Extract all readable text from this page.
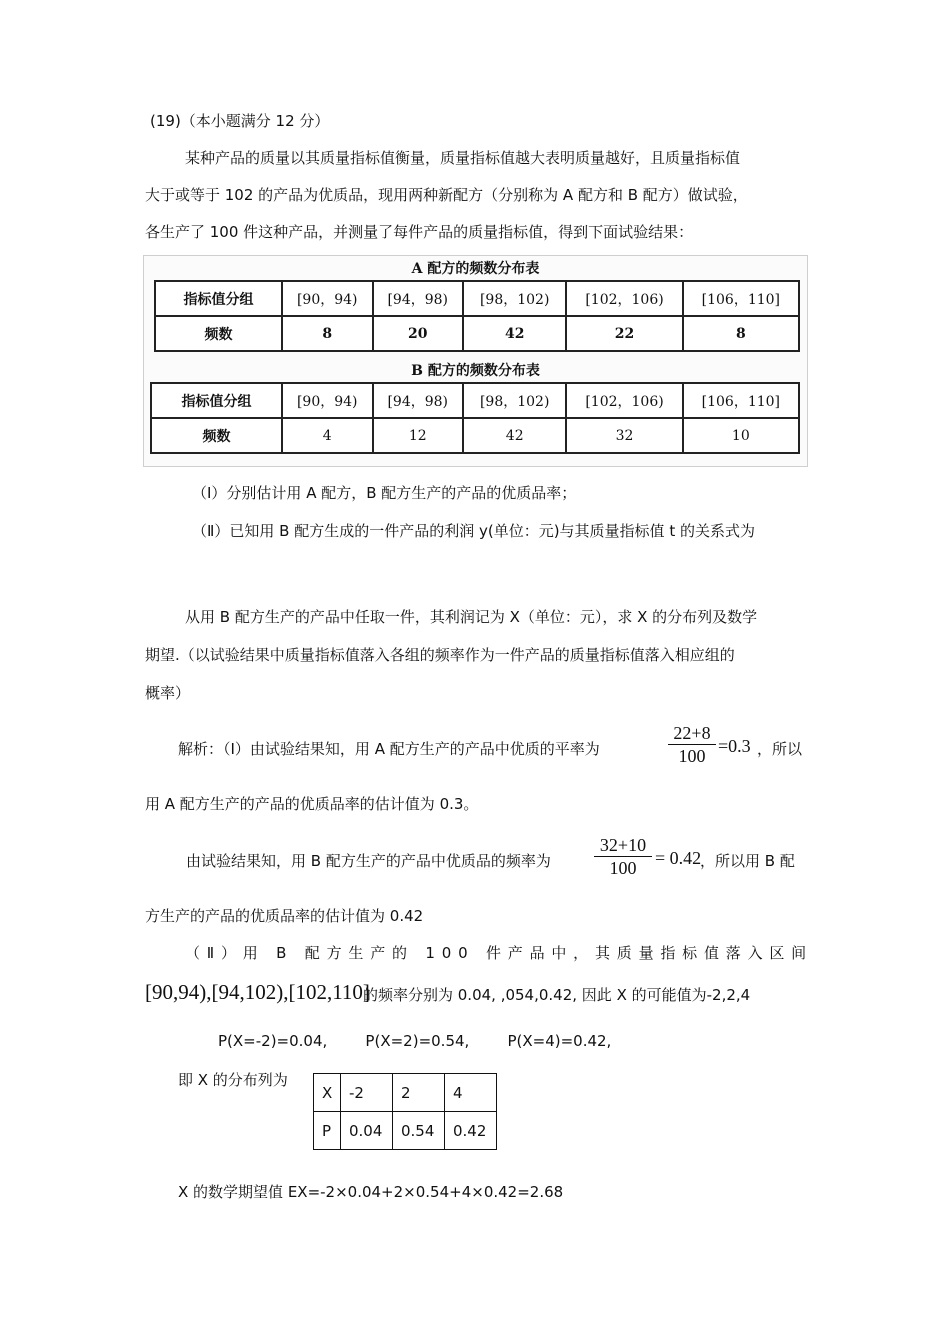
(19)（本小题满分 12 分）
某种产品的质量以其质量指标值衡量，质量指标值越大表明质量越好，且质量指标值
大于或等于 102 的产品为优质品，现用两种新配方（分别称为 A 配方和 B 配方）做试验，
各生产了 100 件这种产品，并测量了每件产品的质量指标值，得到下面试验结果：
A 配方的频数分布表
指标值分组	[90，94)	[94，98)	[98，102)	[102，106)	[106，110]
频数	8	20	42	22	8
B 配方的频数分布表
指标值分组	[90，94)	[94，98)	[98，102)	[102，106)	[106，110]
频数	4	12	42	32	10
（Ⅰ）分别估计用 A 配方，B 配方生产的产品的优质品率；
（Ⅱ）已知用 B 配方生成的一件产品的利润 y(单位：元)与其质量指标值 t 的关系式为
从用 B 配方生产的产品中任取一件，其利润记为 X（单位：元），求 X 的分布列及数学
期望.（以试验结果中质量指标值落入各组的频率作为一件产品的质量指标值落入相应组的
概率）
解析：（Ⅰ）由试验结果知，用 A 配方生产的产品中优质的平率为
22+8
100 =0.3 ，所以
用 A 配方生产的产品的优质品率的估计值为 0.3。
由试验结果知，用 B 配方生产的产品中优质品的频率为
32+10
100	= 0.42
，所以用 B 配
方生产的产品的优质品率的估计值为 0.42
（Ⅱ）用 B 配方生产的 100 件产品中，其质量指标值落入区间
[90,94),[94,102),[102,110]
的频率分别为 0.04, ,054,0.42, 因此 X 的可能值为-2,2,4
P(X=-2)=0.04,        P(X=2)=0.54,        P(X=4)=0.42,
即 X 的分布列为
X	-2	2	4
P	0.04	0.54	0.42
X 的数学期望值 EX=-2×0.04+2×0.54+4×0.42=2.68
